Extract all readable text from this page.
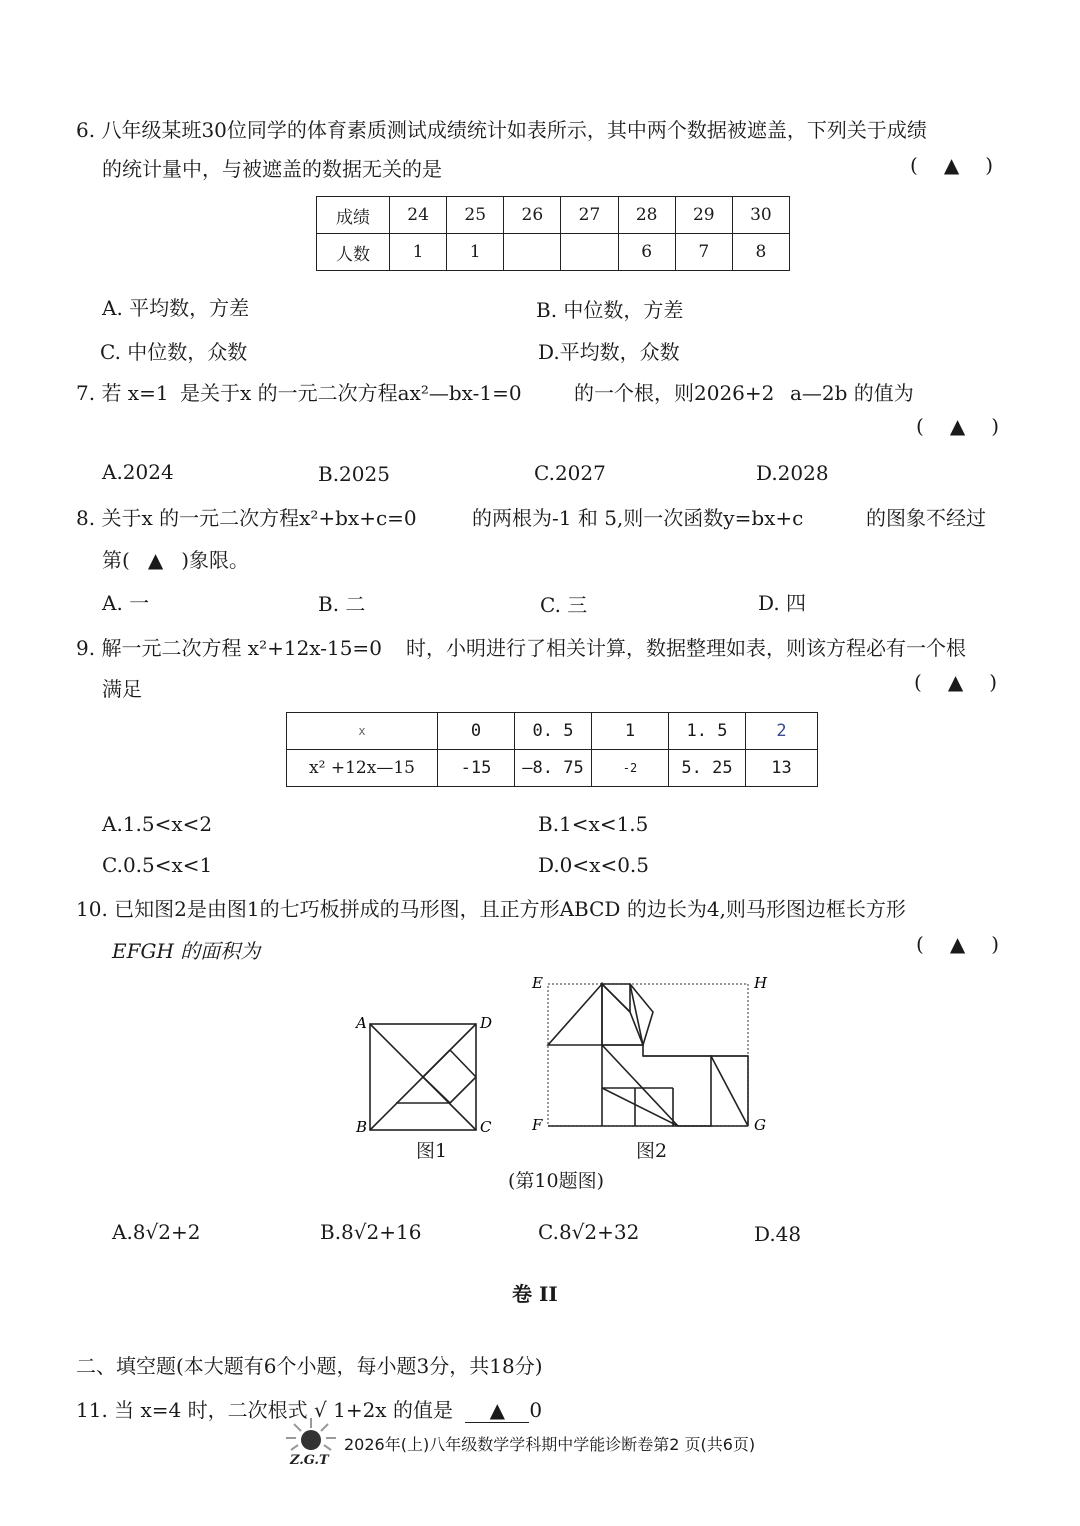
6. 八年级某班30位同学的体育素质测试成绩统计如表所示，其中两个数据被遮盖，下列关于成绩
的统计量中，与被遮盖的数据无关的是	( ▲ )
成绩	24	25	26	27	28	29	30
人数	1	1			6	7	8
A. 平均数，方差	B. 中位数，方差
C. 中位数，众数	D.平均数，众数
7. 若 x=1 是关于x 的一元二次方程ax²—bx-1=0	的一个根，则2026+2 a—2b 的值为
( ▲ )
A.2024	B.2025	C.2027	D.2028
8. 关于x 的一元二次方程x²+bx+c=0	的两根为-1 和 5,则一次函数y=bx+c	的图象不经过
第( ▲ )象限。
A. 一	B. 二	C. 三	D. 四
9. 解一元二次方程 x²+12x-15=0 时，小明进行了相关计算，数据整理如表，则该方程必有一个根
满足	( ▲ )
x	0	0. 5	1	1. 5	2
x² +12x—15	-15	—8. 75	-2	5. 25	13
A.1.5<x<2	B.1<x<1.5
C.0.5<x<1	D.0<x<0.5
10. 已知图2是由图1的七巧板拼成的马形图，且正方形ABCD 的边长为4,则马形图边框长方形
EFGH 的面积为	( ▲ )
A	D
B	C
图1
E	H
F	G
图2
(第10题图)
A.8√2+2	B.8√2+16	C.8√2+32	D.48
卷 II
二、填空题(本大题有6个小题，每小题3分，共18分)
11. 当 x=4 时，二次根式 √ 1+2x 的值是 ▲ 0
Z.G.T
2026年(上)八年级数学学科期中学能诊断卷第2 页(共6页)
